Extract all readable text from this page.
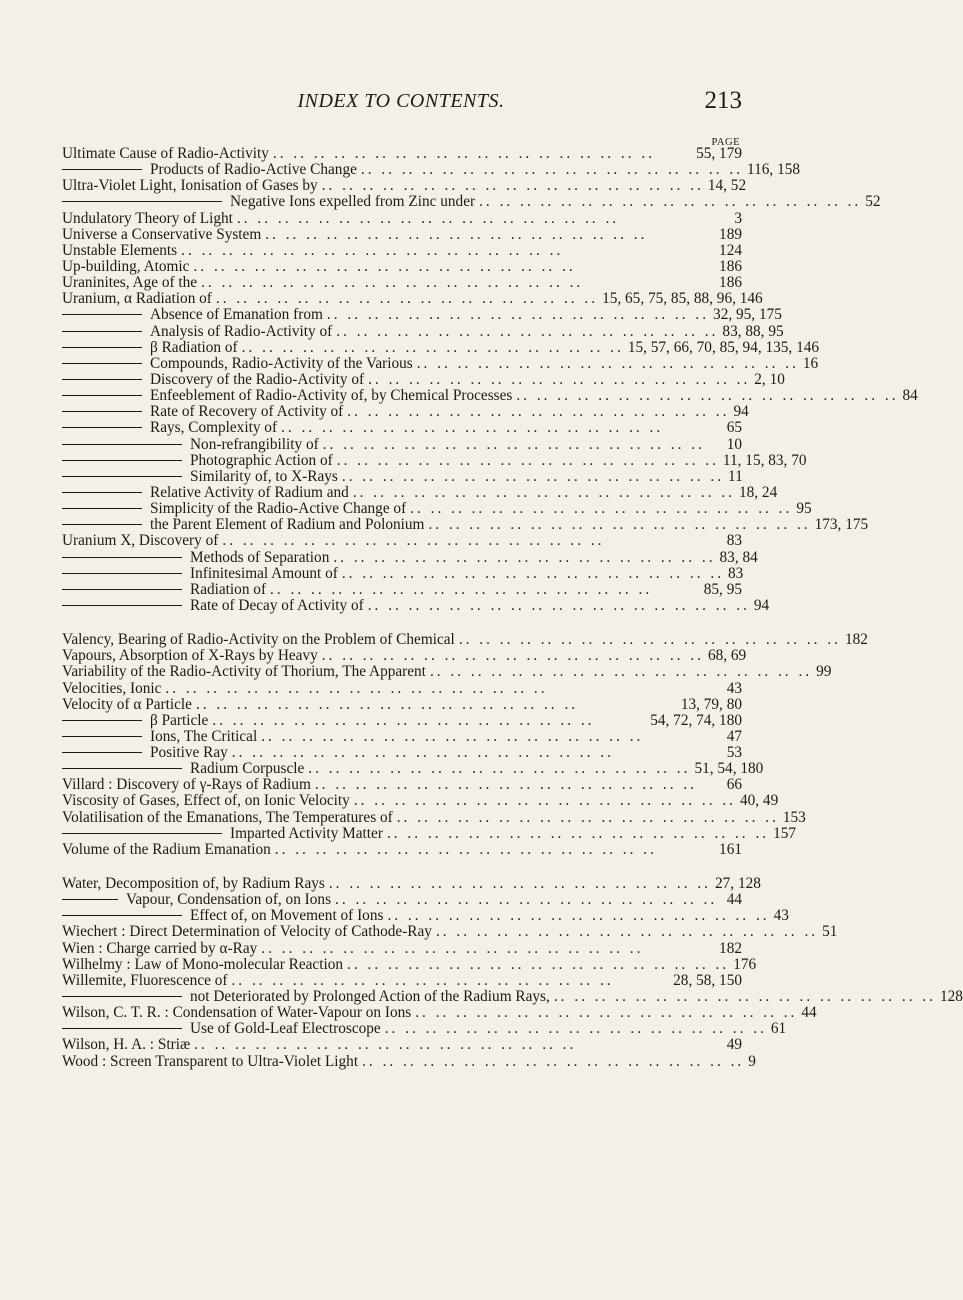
INDEX TO CONTENTS.	213
PAGE
Ultimate Cause of Radio-Activity .. .. .. .. .. .. .. .. .. .. .. .. .. .. .. .. .. .. ..	55, 179
Products of Radio-Active Change .. .. .. .. .. .. .. .. .. .. .. .. .. .. .. .. .. .. .. 116, 158
Ultra-Violet Light, Ionisation of Gases by .. .. .. .. .. .. .. .. .. .. .. .. .. .. .. .. .. .. .. 14, 52
Negative Ions expelled from Zinc under .. .. .. .. .. .. .. .. .. .. .. .. .. .. .. .. .. .. .. 52
Undulatory Theory of Light .. .. .. .. .. .. .. .. .. .. .. .. .. .. .. .. .. .. ..	3
Universe a Conservative System .. .. .. .. .. .. .. .. .. .. .. .. .. .. .. .. .. .. ..	189
Unstable Elements .. .. .. .. .. .. .. .. .. .. .. .. .. .. .. .. .. .. ..	124
Up-building, Atomic .. .. .. .. .. .. .. .. .. .. .. .. .. .. .. .. .. .. ..	186
Uraninites, Age of the .. .. .. .. .. .. .. .. .. .. .. .. .. .. .. .. .. .. ..	186
Uranium, α Radiation of .. .. .. .. .. .. .. .. .. .. .. .. .. .. .. .. .. .. .. 15, 65, 75, 85, 88, 96, 146
Absence of Emanation from .. .. .. .. .. .. .. .. .. .. .. .. .. .. .. .. .. .. .. 32, 95, 175
Analysis of Radio-Activity of .. .. .. .. .. .. .. .. .. .. .. .. .. .. .. .. .. .. .. 83, 88, 95
β Radiation of .. .. .. .. .. .. .. .. .. .. .. .. .. .. .. .. .. .. .. 15, 57, 66, 70, 85, 94, 135, 146
Compounds, Radio-Activity of the Various .. .. .. .. .. .. .. .. .. .. .. .. .. .. .. .. .. .. .. 16
Discovery of the Radio-Activity of .. .. .. .. .. .. .. .. .. .. .. .. .. .. .. .. .. .. .. 2, 10
Enfeeblement of Radio-Activity of, by Chemical Processes .. .. .. .. .. .. .. .. .. .. .. .. .. .. .. .. .. .. .. 84
Rate of Recovery of Activity of .. .. .. .. .. .. .. .. .. .. .. .. .. .. .. .. .. .. .. 94
Rays, Complexity of .. .. .. .. .. .. .. .. .. .. .. .. .. .. .. .. .. .. ..	65
Non-refrangibility of .. .. .. .. .. .. .. .. .. .. .. .. .. .. .. .. .. .. ..	10
Photographic Action of .. .. .. .. .. .. .. .. .. .. .. .. .. .. .. .. .. .. .. 11, 15, 83, 70
Similarity of, to X-Rays .. .. .. .. .. .. .. .. .. .. .. .. .. .. .. .. .. .. .. 11
Relative Activity of Radium and .. .. .. .. .. .. .. .. .. .. .. .. .. .. .. .. .. .. .. 18, 24
Simplicity of the Radio-Active Change of .. .. .. .. .. .. .. .. .. .. .. .. .. .. .. .. .. .. .. 95
the Parent Element of Radium and Polonium .. .. .. .. .. .. .. .. .. .. .. .. .. .. .. .. .. .. .. 173, 175
Uranium X, Discovery of .. .. .. .. .. .. .. .. .. .. .. .. .. .. .. .. .. .. ..	83
Methods of Separation .. .. .. .. .. .. .. .. .. .. .. .. .. .. .. .. .. .. .. 83, 84
Infinitesimal Amount of .. .. .. .. .. .. .. .. .. .. .. .. .. .. .. .. .. .. .. 83
Radiation of .. .. .. .. .. .. .. .. .. .. .. .. .. .. .. .. .. .. ..	85, 95
Rate of Decay of Activity of .. .. .. .. .. .. .. .. .. .. .. .. .. .. .. .. .. .. .. 94
Valency, Bearing of Radio-Activity on the Problem of Chemical .. .. .. .. .. .. .. .. .. .. .. .. .. .. .. .. .. .. .. 182
Vapours, Absorption of X-Rays by Heavy .. .. .. .. .. .. .. .. .. .. .. .. .. .. .. .. .. .. .. 68, 69
Variability of the Radio-Activity of Thorium, The Apparent .. .. .. .. .. .. .. .. .. .. .. .. .. .. .. .. .. .. .. 99
Velocities, Ionic .. .. .. .. .. .. .. .. .. .. .. .. .. .. .. .. .. .. ..	43
Velocity of α Particle .. .. .. .. .. .. .. .. .. .. .. .. .. .. .. .. .. .. ..	13, 79, 80
β Particle .. .. .. .. .. .. .. .. .. .. .. .. .. .. .. .. .. .. ..	54, 72, 74, 180
Ions, The Critical .. .. .. .. .. .. .. .. .. .. .. .. .. .. .. .. .. .. ..	47
Positive Ray .. .. .. .. .. .. .. .. .. .. .. .. .. .. .. .. .. .. ..	53
Radium Corpuscle .. .. .. .. .. .. .. .. .. .. .. .. .. .. .. .. .. .. .. 51, 54, 180
Villard : Discovery of γ-Rays of Radium .. .. .. .. .. .. .. .. .. .. .. .. .. .. .. .. .. .. ..	66
Viscosity of Gases, Effect of, on Ionic Velocity .. .. .. .. .. .. .. .. .. .. .. .. .. .. .. .. .. .. .. 40, 49
Volatilisation of the Emanations, The Temperatures of .. .. .. .. .. .. .. .. .. .. .. .. .. .. .. .. .. .. .. 153
Imparted Activity Matter .. .. .. .. .. .. .. .. .. .. .. .. .. .. .. .. .. .. .. 157
Volume of the Radium Emanation .. .. .. .. .. .. .. .. .. .. .. .. .. .. .. .. .. .. ..	161
Water, Decomposition of, by Radium Rays .. .. .. .. .. .. .. .. .. .. .. .. .. .. .. .. .. .. .. 27, 128
Vapour, Condensation of, on Ions .. .. .. .. .. .. .. .. .. .. .. .. .. .. .. .. .. .. .. 44
Effect of, on Movement of Ions .. .. .. .. .. .. .. .. .. .. .. .. .. .. .. .. .. .. .. 43
Wiechert : Direct Determination of Velocity of Cathode-Ray .. .. .. .. .. .. .. .. .. .. .. .. .. .. .. .. .. .. .. 51
Wien : Charge carried by α-Ray .. .. .. .. .. .. .. .. .. .. .. .. .. .. .. .. .. .. ..	182
Wilhelmy : Law of Mono-molecular Reaction .. .. .. .. .. .. .. .. .. .. .. .. .. .. .. .. .. .. .. 176
Willemite, Fluorescence of .. .. .. .. .. .. .. .. .. .. .. .. .. .. .. .. .. .. ..	28, 58, 150
not Deteriorated by Prolonged Action of the Radium Rays, .. .. .. .. .. .. .. .. .. .. .. .. .. .. .. .. .. .. .. 128
Wilson, C. T. R. : Condensation of Water-Vapour on Ions .. .. .. .. .. .. .. .. .. .. .. .. .. .. .. .. .. .. .. 44
Use of Gold-Leaf Electroscope .. .. .. .. .. .. .. .. .. .. .. .. .. .. .. .. .. .. .. 61
Wilson, H. A. : Striæ .. .. .. .. .. .. .. .. .. .. .. .. .. .. .. .. .. .. ..	49
Wood : Screen Transparent to Ultra-Violet Light .. .. .. .. .. .. .. .. .. .. .. .. .. .. .. .. .. .. .. 9
